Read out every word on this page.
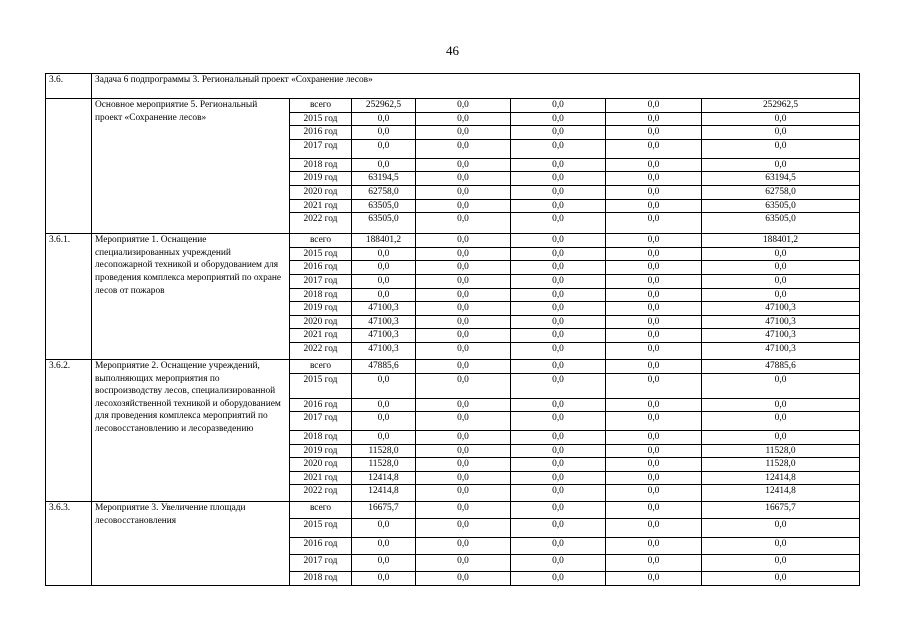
46
3.6.	Задача 6 подпрограммы 3. Региональный проект «Сохранение лесов»						
	Основное мероприятие 5. Региональный проект «Сохранение лесов»	всего	252962,5	0,0	0,0	0,0	252962,5
		2015 год	0,0	0,0	0,0	0,0	0,0
		2016 год	0,0	0,0	0,0	0,0	0,0
		2017 год	0,0	0,0	0,0	0,0	0,0
		2018 год	0,0	0,0	0,0	0,0	0,0
		2019 год	63194,5	0,0	0,0	0,0	63194,5
		2020 год	62758,0	0,0	0,0	0,0	62758,0
		2021 год	63505,0	0,0	0,0	0,0	63505,0
		2022 год	63505,0	0,0	0,0	0,0	63505,0
3.6.1.	Мероприятие 1. Оснащение специализированных учреждений лесопожарной техникой и оборудованием для проведения комплекса мероприятий по охране лесов от пожаров	всего	188401,2	0,0	0,0	0,0	188401,2
		2015 год	0,0	0,0	0,0	0,0	0,0
		2016 год	0,0	0,0	0,0	0,0	0,0
		2017 год	0,0	0,0	0,0	0,0	0,0
		2018 год	0,0	0,0	0,0	0,0	0,0
		2019 год	47100,3	0,0	0,0	0,0	47100,3
		2020 год	47100,3	0,0	0,0	0,0	47100,3
		2021 год	47100,3	0,0	0,0	0,0	47100,3
		2022 год	47100,3	0,0	0,0	0,0	47100,3
3.6.2.	Мероприятие 2. Оснащение учреждений, выполняющих мероприятия по воспроизводству лесов, специализированной лесохозяйственной техникой и оборудованием для проведения комплекса мероприятий по лесовосстановлению и лесоразведению	всего	47885,6	0,0	0,0	0,0	47885,6
		2015 год	0,0	0,0	0,0	0,0	0,0
		2016 год	0,0	0,0	0,0	0,0	0,0
		2017 год	0,0	0,0	0,0	0,0	0,0
		2018 год	0,0	0,0	0,0	0,0	0,0
		2019 год	11528,0	0,0	0,0	0,0	11528,0
		2020 год	11528,0	0,0	0,0	0,0	11528,0
		2021 год	12414,8	0,0	0,0	0,0	12414,8
		2022 год	12414,8	0,0	0,0	0,0	12414,8
3.6.3.	Мероприятие 3. Увеличение площади лесовосстановления	всего	16675,7	0,0	0,0	0,0	16675,7
		2015 год	0,0	0,0	0,0	0,0	0,0
		2016 год	0,0	0,0	0,0	0,0	0,0
		2017 год	0,0	0,0	0,0	0,0	0,0
		2018 год	0,0	0,0	0,0	0,0	0,0
